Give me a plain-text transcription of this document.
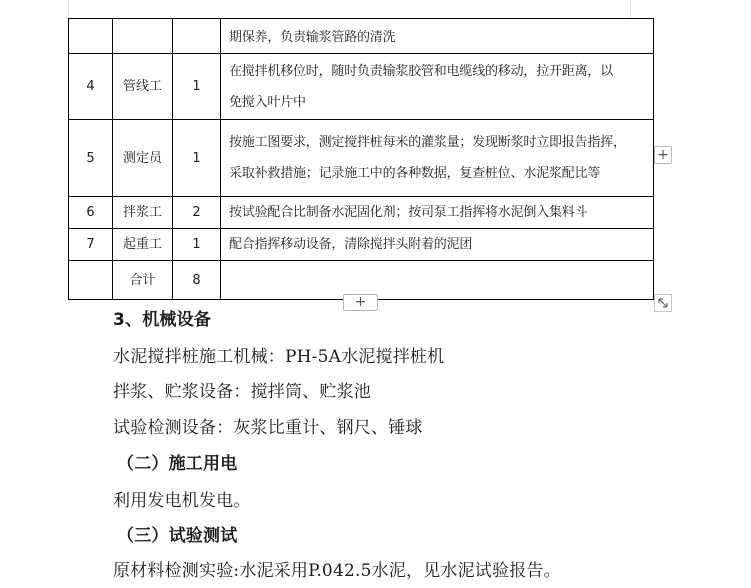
			期保养，负责输浆管路的清洗
4	管线工	1	在搅拌机移位时，随时负责输浆胶管和电缆线的移动，拉开距离，以
免搅入叶片中
5	测定员	1	按施工图要求，测定搅拌桩每米的灌浆量；发现断浆时立即报告指挥，
采取补救措施；记录施工中的各种数据，复查桩位、水泥浆配比等
6	拌浆工	2	按试验配合比制备水泥固化剂；按司泵工指挥将水泥倒入集料斗
7	起重工	1	配合指挥移动设备，清除搅拌头附着的泥团
	合计	8	
+
+
3、机械设备
水泥搅拌桩施工机械：PH-5A水泥搅拌桩机
拌浆、贮浆设备：搅拌筒、贮浆池
试验检测设备：灰浆比重计、钢尺、锤球
（二）施工用电
利用发电机发电。
（三）试验测试
原材料检测实验:水泥采用P.042.5水泥，见水泥试验报告。
